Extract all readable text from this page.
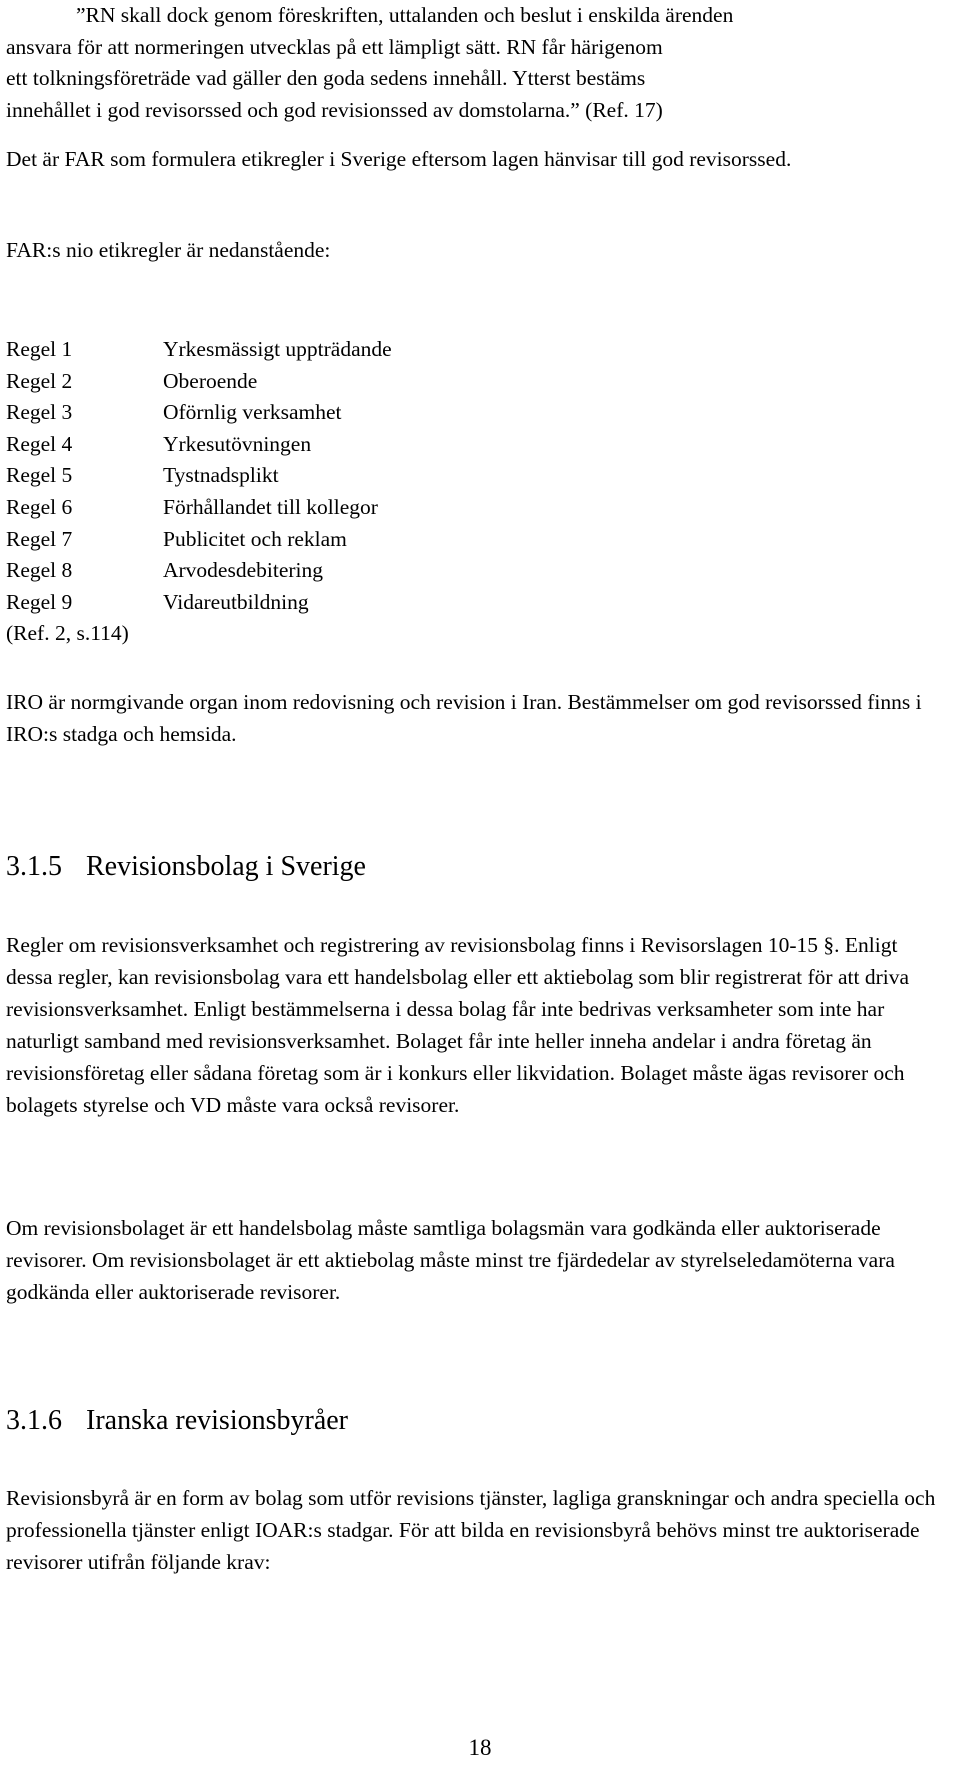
”RN skall dock genom föreskriften, uttalanden och beslut i enskilda ärenden
ansvara för att normeringen utvecklas på ett lämpligt sätt. RN får härigenom
ett tolkningsföreträde vad gäller den goda sedens innehåll. Ytterst bestäms
innehållet i god revisorssed och god revisionssed av domstolarna.” (Ref. 17)

Det är FAR som formulera etikregler i Sverige eftersom lagen hänvisar till god revisorssed.

FAR:s nio etikregler är nedanstående:

Regel 1	Yrkesmässigt uppträdande
Regel 2	Oberoende
Regel 3	Oförnlig verksamhet
Regel 4	Yrkesutövningen
Regel 5	Tystnadsplikt
Regel 6	Förhållandet till kollegor
Regel 7	Publicitet och reklam
Regel 8	Arvodesdebitering
Regel 9	Vidareutbildning
(Ref. 2, s.114)

IRO är normgivande organ inom redovisning och revision i Iran. Bestämmelser om god revisorssed finns i IRO:s stadga och hemsida.

3.1.5 Revisionsbolag i Sverige

Regler om revisionsverksamhet och registrering av revisionsbolag finns i Revisorslagen 10-15 §. Enligt dessa regler, kan revisionsbolag vara ett handelsbolag eller ett aktiebolag som blir registrerat för att driva revisionsverksamhet. Enligt bestämmelserna i dessa bolag får inte bedrivas verksamheter som inte har naturligt samband med revisionsverksamhet. Bolaget får inte heller inneha andelar i andra företag än revisionsföretag eller sådana företag som är i konkurs eller likvidation. Bolaget måste ägas revisorer och bolagets styrelse och VD måste vara också revisorer.

Om revisionsbolaget är ett handelsbolag måste samtliga bolagsmän vara godkända eller auktoriserade revisorer. Om revisionsbolaget är ett aktiebolag måste minst tre fjärdedelar av styrelseledamöterna vara godkända eller auktoriserade revisorer.

3.1.6 Iranska revisionsbyråer

Revisionsbyrå är en form av bolag som utför revisions tjänster, lagliga granskningar och andra speciella och professionella tjänster enligt IOAR:s stadgar. För att bilda en revisionsbyrå behövs minst tre auktoriserade revisorer utifrån följande krav:

18
